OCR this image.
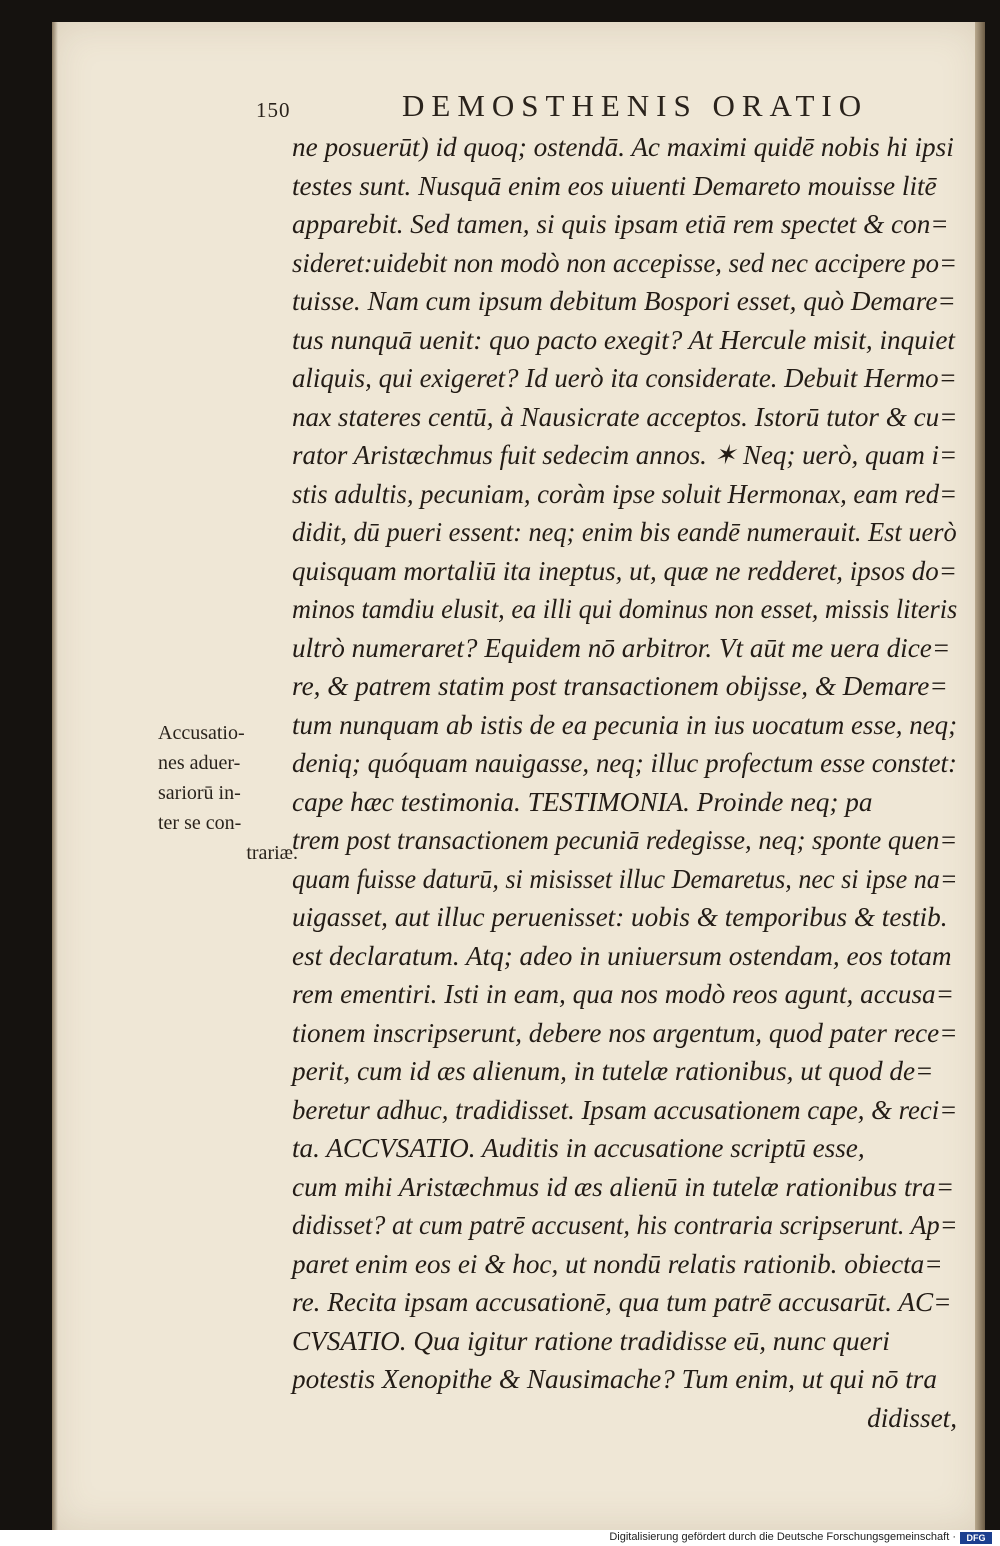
150	DEMOSTHENIS ORATIO
ne posuerūt) id quoq; ostendā. Ac maximi quidē nobis hi ipsi
testes sunt. Nusquā enim eos uiuenti Demareto mouisse litē
apparebit. Sed tamen, si quis ipsam etiā rem spectet & con=
sideret:uidebit non modò non accepisse, sed nec accipere po=
tuisse. Nam cum ipsum debitum Bospori esset, quò Demare=
tus nunquā uenit: quo pacto exegit? At Hercule misit, inquiet
aliquis, qui exigeret? Id uerò ita considerate. Debuit Hermo=
nax stateres centū, à Nausicrate acceptos. Istorū tutor & cu=
rator Aristæchmus fuit sedecim annos. ✶ Neq; uerò, quam i=
stis adultis, pecuniam, coràm ipse soluit Hermonax, eam red=
didit, dū pueri essent: neq; enim bis eandē numerauit. Est uerò
quisquam mortaliū ita ineptus, ut, quæ ne redderet, ipsos do=
minos tamdiu elusit, ea illi qui dominus non esset, missis literis
ultrò numeraret? Equidem nō arbitror. Vt aūt me uera dice=
re, & patrem statim post transactionem obijsse, & Demare=
tum nunquam ab istis de ea pecunia in ius uocatum esse, neq;
deniq; quóquam nauigasse, neq; illuc profectum esse constet:
cape hæc testimonia. TESTIMONIA. Proinde neq; pa
trem post transactionem pecuniā redegisse, neq; sponte quen=
quam fuisse daturū, si misisset illuc Demaretus, nec si ipse na=
uigasset, aut illuc peruenisset: uobis & temporibus & testib.
est declaratum. Atq; adeo in uniuersum ostendam, eos totam
rem ementiri. Isti in eam, qua nos modò reos agunt, accusa=
tionem inscripserunt, debere nos argentum, quod pater rece=
perit, cum id æs alienum, in tutelæ rationibus, ut quod de=
beretur adhuc, tradidisset. Ipsam accusationem cape, & reci=
ta. ACCVSATIO. Auditis in accusatione scriptū esse,
cum mihi Aristæchmus id æs alienū in tutelæ rationibus tra=
didisset? at cum patrē accusent, his contraria scripserunt. Ap=
paret enim eos ei & hoc, ut nondū relatis rationib. obiecta=
re. Recita ipsam accusationē, qua tum patrē accusarūt. AC=
CVSATIO. Qua igitur ratione tradidisse eū, nunc queri
potestis Xenopithe & Nausimache? Tum enim, ut qui nō tra
didisset,
Accusatio-
nes aduer-
sariorū in-
ter se con-
trariæ.
Digitalisierung gefördert durch die Deutsche Forschungsgemeinschaft ·	DFG
